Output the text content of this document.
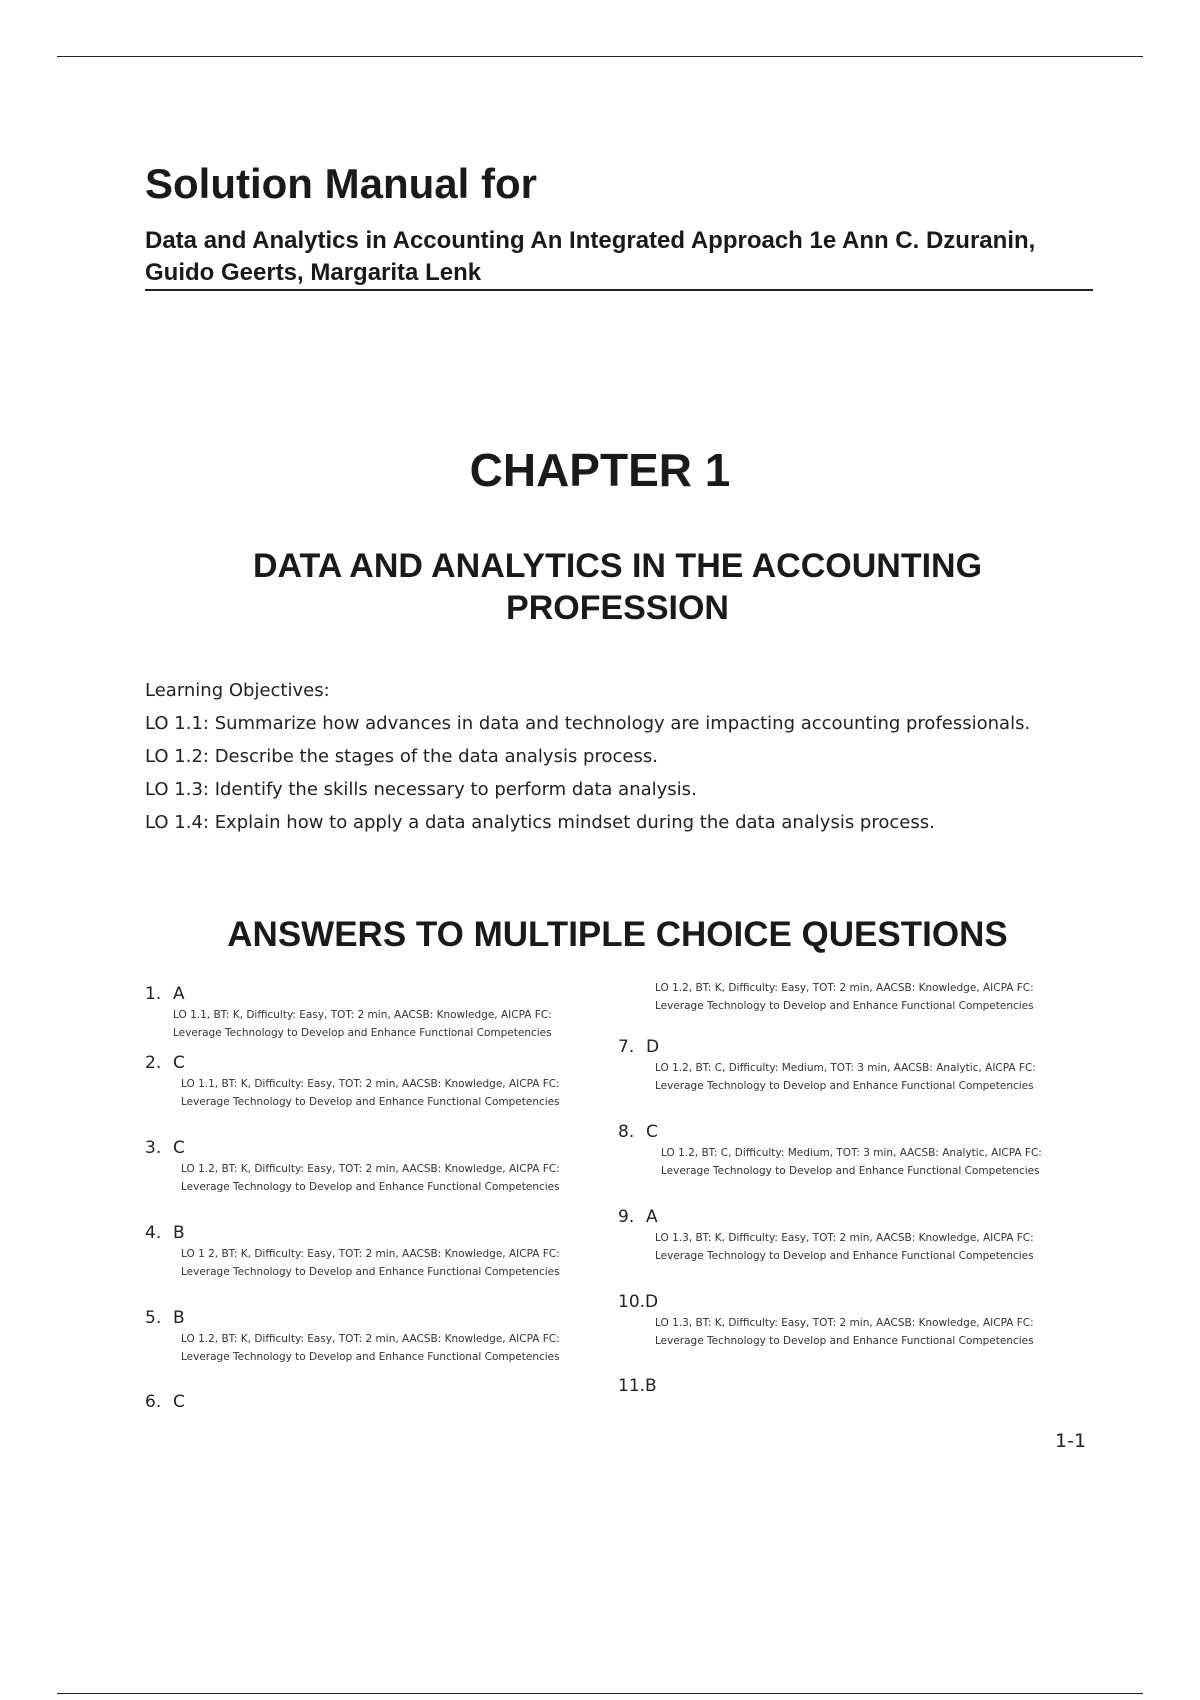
Solution Manual for
Data and Analytics in Accounting An Integrated Approach 1e Ann C. Dzuranin, Guido Geerts, Margarita Lenk
CHAPTER 1
DATA AND ANALYTICS IN THE ACCOUNTING PROFESSION
Learning Objectives:
LO 1.1: Summarize how advances in data and technology are impacting accounting professionals.
LO 1.2: Describe the stages of the data analysis process.
LO 1.3: Identify the skills necessary to perform data analysis.
LO 1.4: Explain how to apply a data analytics mindset during the data analysis process.
ANSWERS TO MULTIPLE CHOICE QUESTIONS
1. A
LO 1.1, BT: K, Difficulty: Easy, TOT: 2 min, AACSB: Knowledge, AICPA FC:
Leverage Technology to Develop and Enhance Functional Competencies
2. C
LO 1.1, BT: K, Difficulty: Easy, TOT: 2 min, AACSB: Knowledge, AICPA FC:
Leverage Technology to Develop and Enhance Functional Competencies
3. C
LO 1.2, BT: K, Difficulty: Easy, TOT: 2 min, AACSB: Knowledge, AICPA FC:
Leverage Technology to Develop and Enhance Functional Competencies
4. B
LO 1 2, BT: K, Difficulty: Easy, TOT: 2 min, AACSB: Knowledge, AICPA FC:
Leverage Technology to Develop and Enhance Functional Competencies
5. B
LO 1.2, BT: K, Difficulty: Easy, TOT: 2 min, AACSB: Knowledge, AICPA FC:
Leverage Technology to Develop and Enhance Functional Competencies
6. C
LO 1.2, BT: K, Difficulty: Easy, TOT: 2 min, AACSB: Knowledge, AICPA FC:
Leverage Technology to Develop and Enhance Functional Competencies
7. D
LO 1.2, BT: C, Difficulty: Medium, TOT: 3 min, AACSB: Analytic, AICPA FC:
Leverage Technology to Develop and Enhance Functional Competencies
8. C
LO 1.2, BT: C, Difficulty: Medium, TOT: 3 min, AACSB: Analytic, AICPA FC:
Leverage Technology to Develop and Enhance Functional Competencies
9. A
LO 1.3, BT: K, Difficulty: Easy, TOT: 2 min, AACSB: Knowledge, AICPA FC:
Leverage Technology to Develop and Enhance Functional Competencies
10.D
LO 1.3, BT: K, Difficulty: Easy, TOT: 2 min, AACSB: Knowledge, AICPA FC:
Leverage Technology to Develop and Enhance Functional Competencies
11.B
1-1
